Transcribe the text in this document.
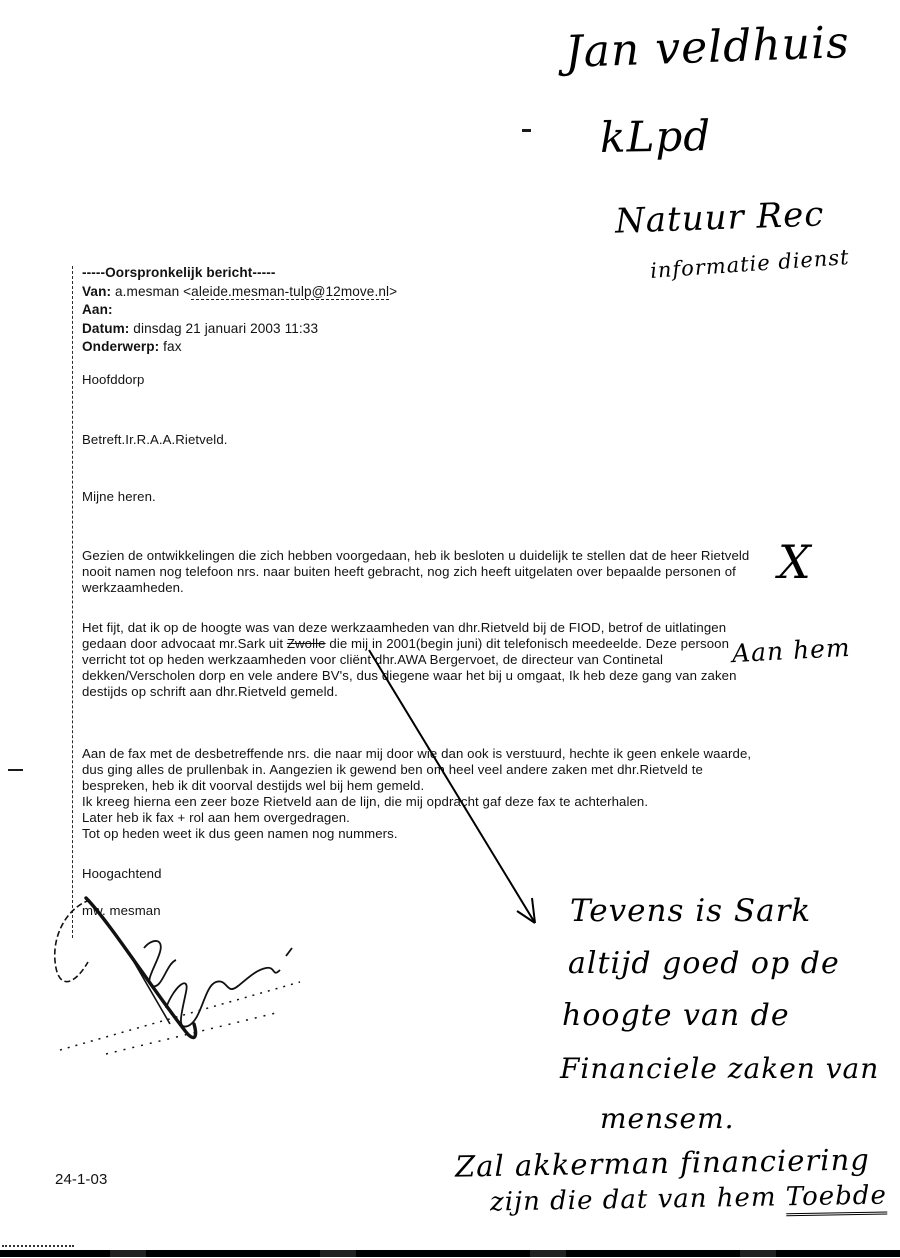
-----Oorspronkelijk bericht-----
Van: a.mesman <aleide.mesman-tulp@12move.nl>
Aan:
Datum: dinsdag 21 januari 2003 11:33
Onderwerp: fax
Hoofddorp
Betreft.Ir.R.A.A.Rietveld.
Mijne heren.
Gezien de ontwikkelingen die zich hebben voorgedaan, heb ik besloten u duidelijk te stellen dat de heer Rietveld nooit namen nog telefoon nrs. naar buiten heeft gebracht, nog zich heeft uitgelaten over bepaalde personen of werkzaamheden.
Het fijt, dat ik op de hoogte was van deze werkzaamheden van dhr.Rietveld bij de FIOD, betrof de uitlatingen gedaan door advocaat mr.Sark uit Zwolle die mij in 2001(begin juni) dit telefonisch meedeelde. Deze persoon verricht tot op heden werkzaamheden voor cliënt dhr.AWA Bergervoet, de directeur van Continetal dekken/Verscholen dorp en vele andere BV's, dus diegene waar het bij u omgaat, Ik heb deze gang van zaken destijds op schrift aan dhr.Rietveld gemeld.
Aan de fax met de desbetreffende nrs. die naar mij door wie dan ook is verstuurd, hechte ik geen enkele waarde, dus ging alles de prullenbak in. Aangezien ik gewend ben om heel veel andere zaken met dhr.Rietveld te bespreken, heb ik dit voorval destijds wel bij hem gemeld.
Ik kreeg hierna een zeer boze Rietveld aan de lijn, die mij opdracht gaf deze fax te achterhalen.
Later heb ik fax + rol aan hem overgedragen.
Tot op heden weet ik dus geen namen nog nummers.
Hoogachtend
mw. mesman
24-1-03
Jan veldhuis
kLpd
Natuur Rec
informatie dienst
X
Aan hem
Tevens is Sark
altijd goed op de
hoogte van de
Financiele zaken van
mensem.
Zal akkerman financiering
zijn die dat van hem Toebde
